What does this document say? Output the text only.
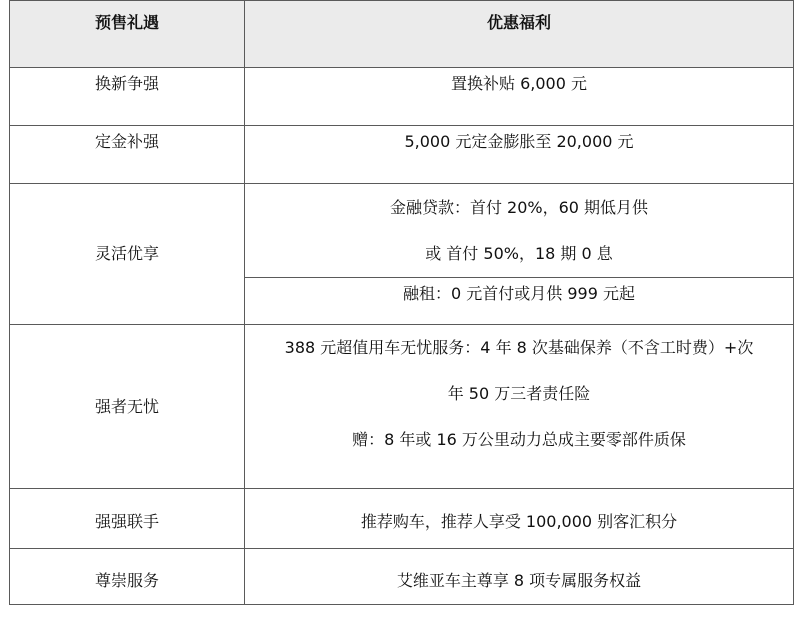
预售礼遇	优惠福利

换新争强	置换补贴 6,000 元

定金补强	5,000 元定金膨胀至 20,000 元

灵活优享	金融贷款：首付 20%，60 期低月供
或 首付 50%，18 期 0 息

	融租：0 元首付或月供 999 元起

强者无忧	388 元超值用车无忧服务：4 年 8 次基础保养（不含工时费）+次
年 50 万三者责任险
赠：8 年或 16 万公里动力总成主要零部件质保

强强联手	推荐购车，推荐人享受 100,000 别客汇积分

尊崇服务	艾维亚车主尊享 8 项专属服务权益
